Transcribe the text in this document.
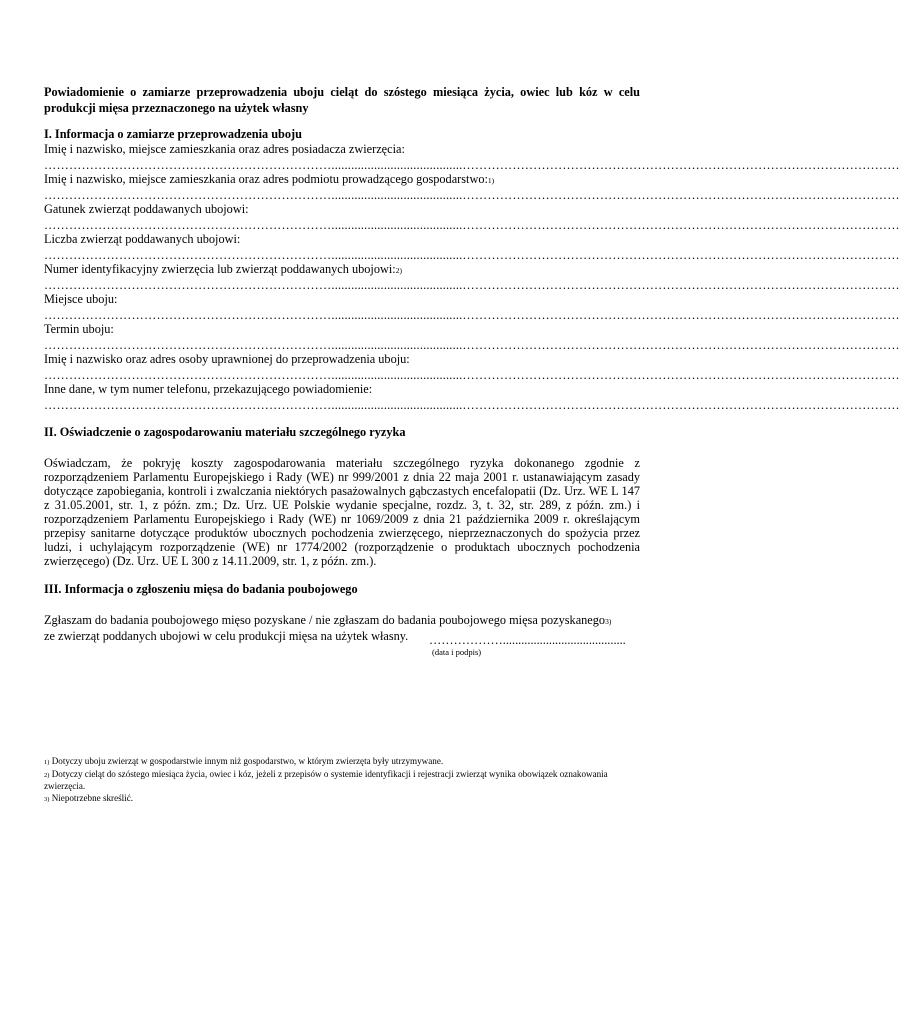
Powiadomienie o zamiarze przeprowadzenia uboju cieląt do szóstego miesiąca życia, owiec lub kóz w celu produkcji mięsa przeznaczonego na użytek własny

I. Informacja o zamiarze przeprowadzenia uboju

Imię i nazwisko, miejsce zamieszkania oraz adres posiadacza zwierzęcia:

……………………………………………………………........................................……………………………………………………………………………………………

Imię i nazwisko, miejsce zamieszkania oraz adres podmiotu prowadzącego gospodarstwo:1)

……………………………………………………………........................................……………………………………………………………………………………………

Gatunek zwierząt poddawanych ubojowi:

……………………………………………………………........................................……………………………………………………………………………………………

Liczba zwierząt poddawanych ubojowi:

……………………………………………………………........................................……………………………………………………………………………………………

Numer identyfikacyjny zwierzęcia lub zwierząt poddawanych ubojowi:2)

……………………………………………………………........................................……………………………………………………………………………………………

Miejsce uboju:

……………………………………………………………........................................……………………………………………………………………………………………

Termin uboju:

……………………………………………………………........................................……………………………………………………………………………………………

Imię i nazwisko oraz adres osoby uprawnionej do przeprowadzenia uboju:

……………………………………………………………........................................……………………………………………………………………………………………

Inne dane, w tym numer telefonu, przekazującego powiadomienie:

……………………………………………………………........................................……………………………………………………………………………………………

II. Oświadczenie o zagospodarowaniu materiału szczególnego ryzyka

Oświadczam, że pokryję koszty zagospodarowania materiału szczególnego ryzyka dokonanego zgodnie z rozporządzeniem Parlamentu Europejskiego i Rady (WE) nr 999/2001 z dnia 22 maja 2001 r. ustanawiającym zasady dotyczące zapobiegania, kontroli i zwalczania niektórych pasażowalnych gąbczastych encefalopatii (Dz. Urz. WE L 147 z 31.05.2001, str. 1, z późn. zm.; Dz. Urz. UE Polskie wydanie specjalne, rozdz. 3, t. 32, str. 289, z późn. zm.) i rozporządzeniem Parlamentu Europejskiego i Rady (WE) nr 1069/2009 z dnia 21 października 2009 r. określającym przepisy sanitarne dotyczące produktów ubocznych pochodzenia zwierzęcego, nieprzeznaczonych do spożycia przez ludzi, i uchylającym rozporządzenie (WE) nr 1774/2002 (rozporządzenie o produktach ubocznych pochodzenia zwierzęcego) (Dz. Urz. UE L 300 z 14.11.2009, str. 1, z późn. zm.).

III. Informacja o zgłoszeniu mięsa do badania poubojowego

Zgłaszam do badania poubojowego mięso pozyskane / nie zgłaszam do badania poubojowego mięsa pozyskanego3)
ze zwierząt poddanych ubojowi w celu produkcji mięsa na użytek własny.	………………........................................
(data i podpis)

1) Dotyczy uboju zwierząt w gospodarstwie innym niż gospodarstwo, w którym zwierzęta były utrzymywane.

2) Dotyczy cieląt do szóstego miesiąca życia, owiec i kóz, jeżeli z przepisów o systemie identyfikacji i rejestracji zwierząt wynika obowiązek oznakowania zwierzęcia.

3) Niepotrzebne skreślić.
